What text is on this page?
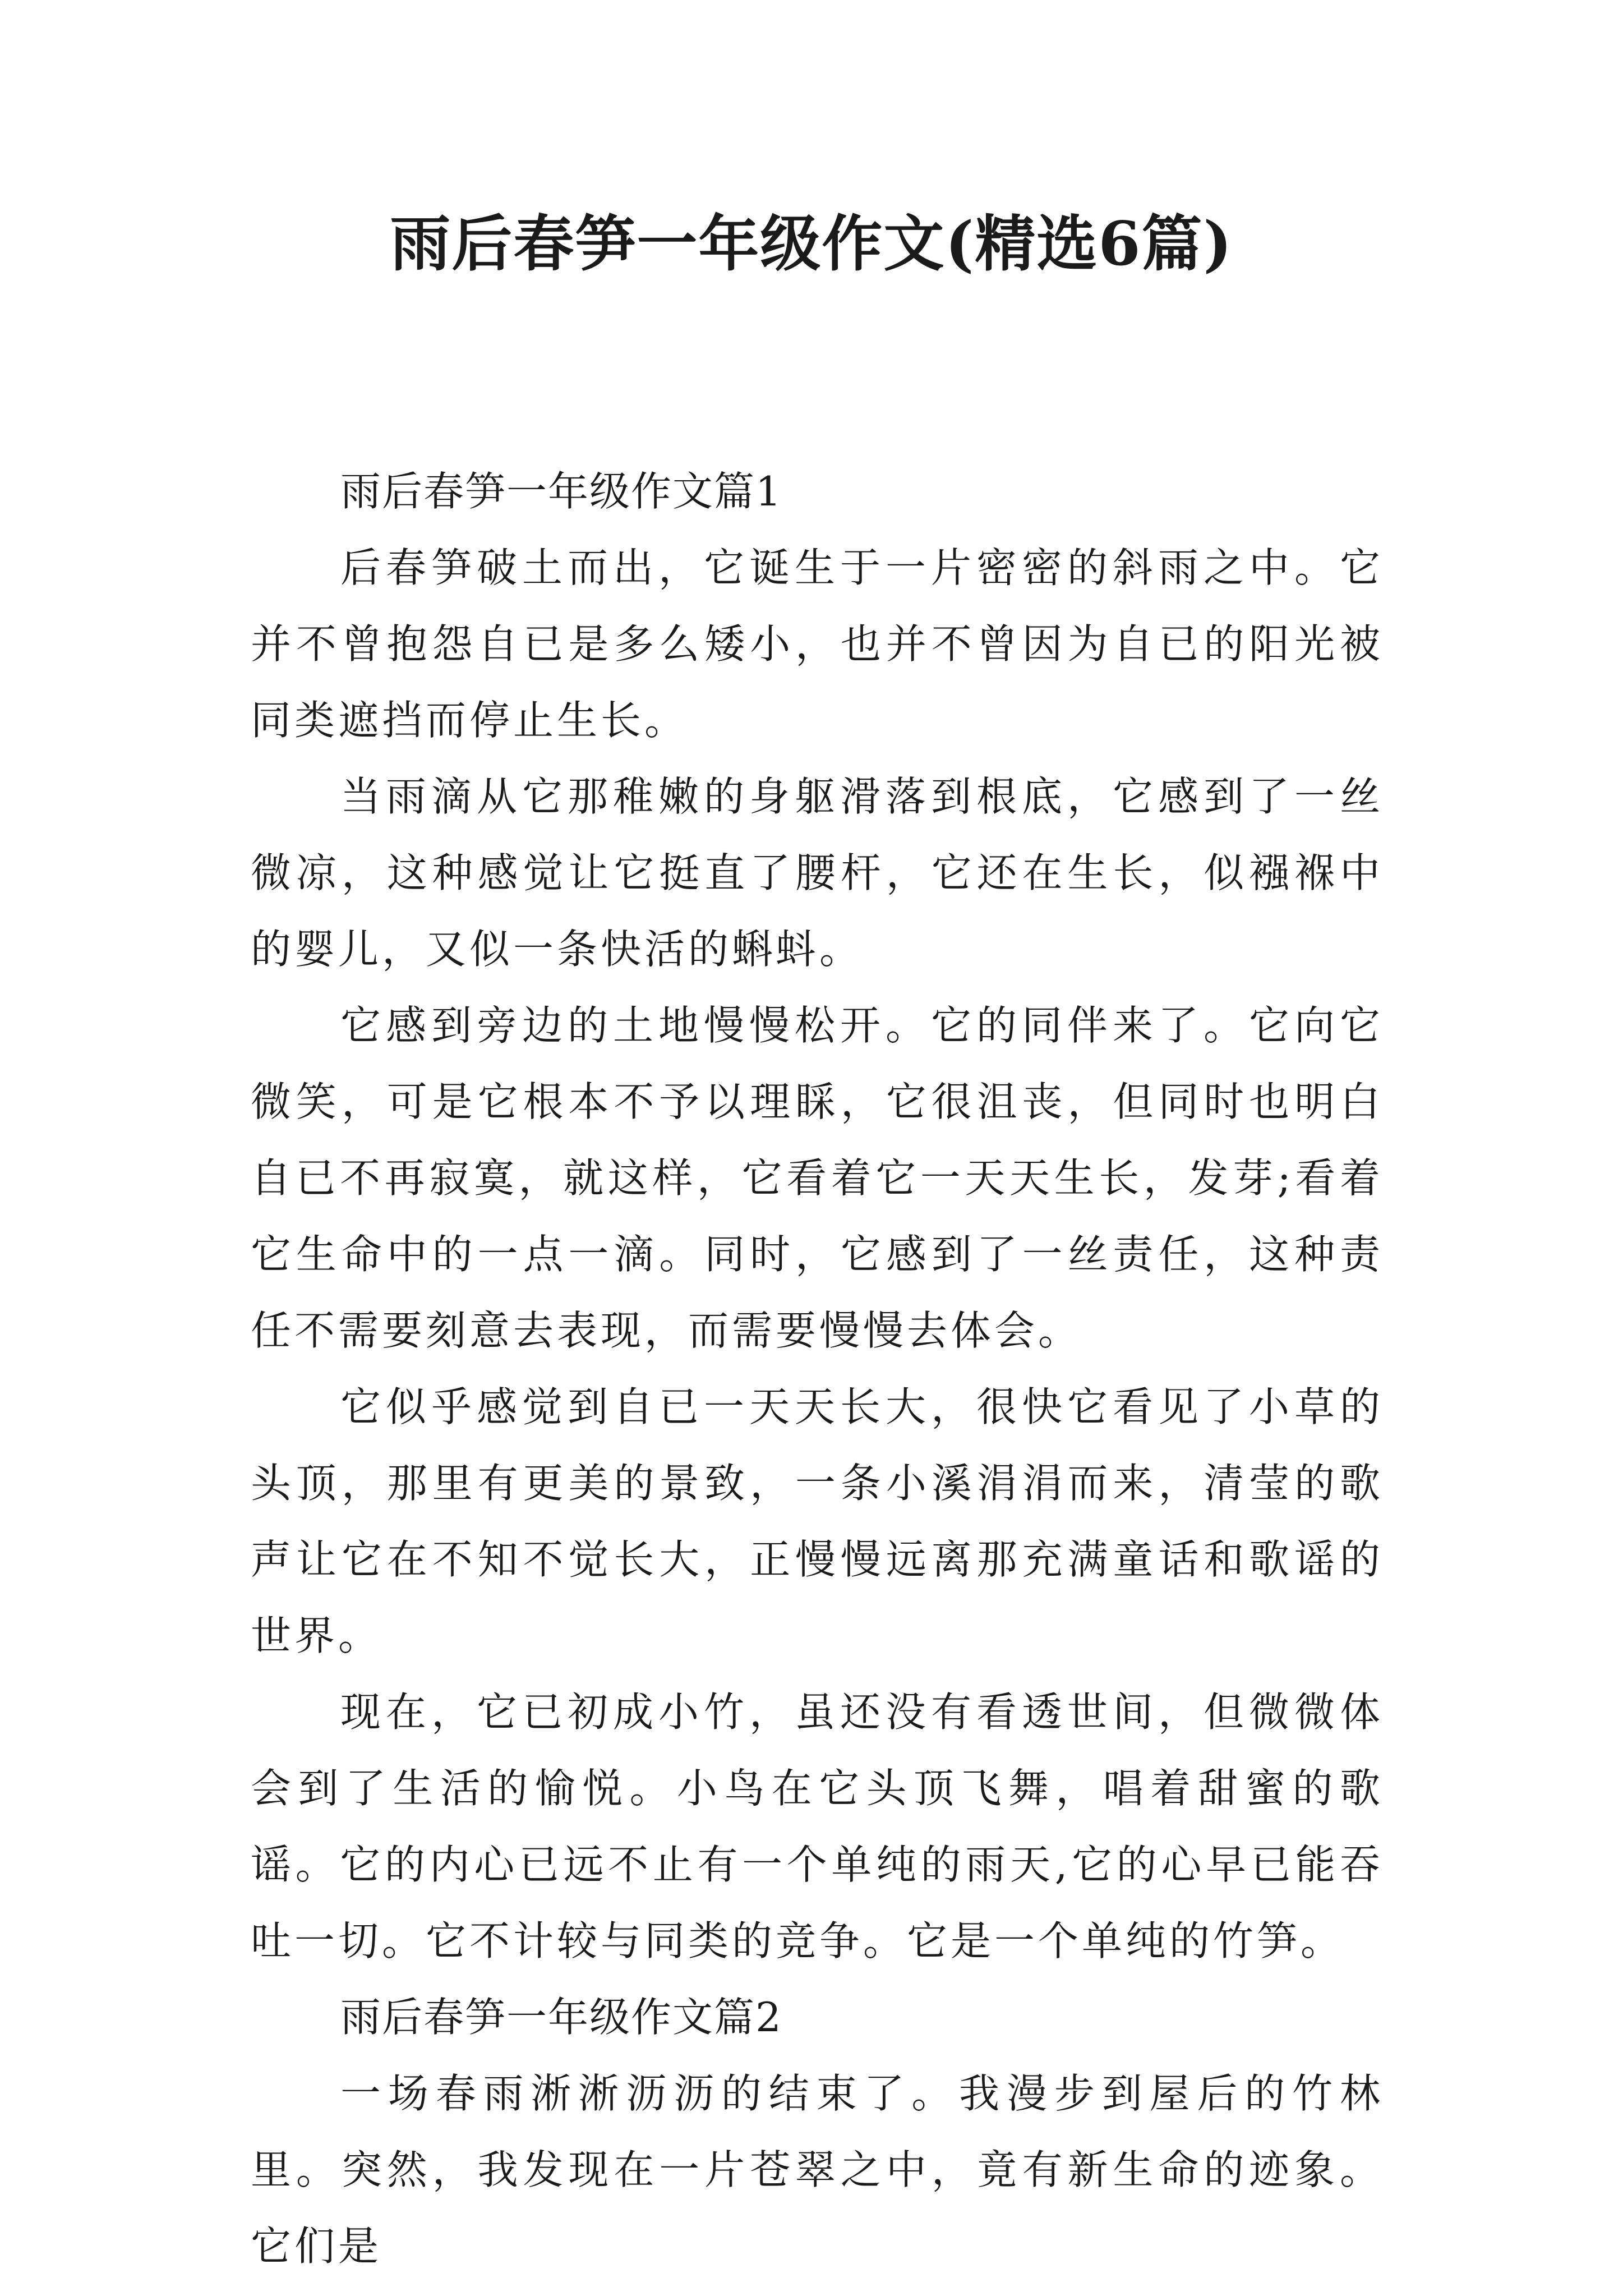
雨后春笋一年级作文(精选6篇)

雨后春笋一年级作文篇1

后春笋破土而出，它诞生于一片密密的斜雨之中。它并不曾抱怨自已是多么矮小，也并不曾因为自已的阳光被同类遮挡而停止生长。

当雨滴从它那稚嫩的身躯滑落到根底，它感到了一丝微凉，这种感觉让它挺直了腰杆，它还在生长，似襁褓中的婴儿，又似一条快活的蝌蚪。

它感到旁边的土地慢慢松开。它的同伴来了。它向它微笑，可是它根本不予以理睬，它很沮丧，但同时也明白自已不再寂寞，就这样，它看着它一天天生长，发芽;看着它生命中的一点一滴。同时，它感到了一丝责任，这种责任不需要刻意去表现，而需要慢慢去体会。

它似乎感觉到自已一天天长大，很快它看见了小草的头顶，那里有更美的景致，一条小溪涓涓而来，清莹的歌声让它在不知不觉长大，正慢慢远离那充满童话和歌谣的世界。

现在，它已初成小竹，虽还没有看透世间，但微微体会到了生活的愉悦。小鸟在它头顶飞舞，唱着甜蜜的歌谣。它的内心已远不止有一个单纯的雨天,它的心早已能吞吐一切。它不计较与同类的竞争。它是一个单纯的竹笋。

雨后春笋一年级作文篇2

一场春雨淅淅沥沥的结束了。我漫步到屋后的竹林里。突然，我发现在一片苍翠之中，竟有新生命的迹象。它们是
